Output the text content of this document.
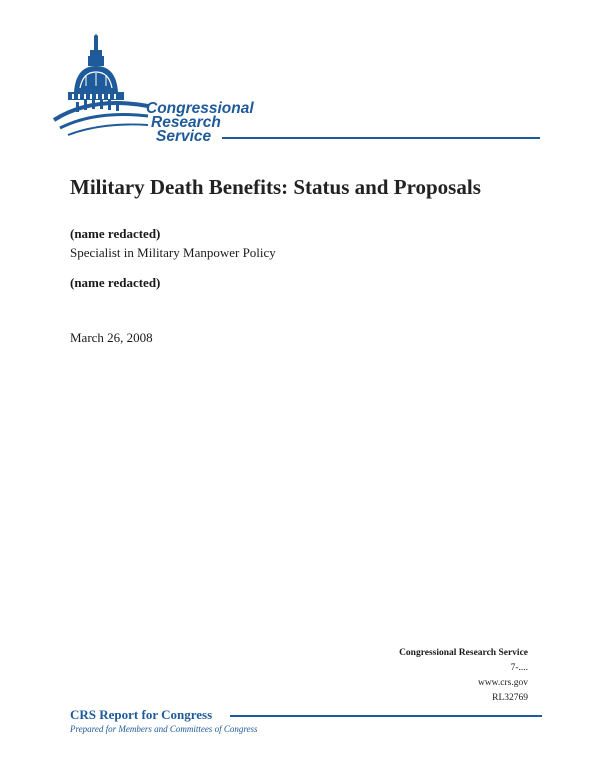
Congressional
Research
Service
Military Death Benefits: Status and Proposals
(name redacted)
Specialist in Military Manpower Policy
(name redacted)
March 26, 2008
Congressional Research Service
7-....
www.crs.gov
RL32769
CRS Report for Congress
Prepared for Members and Committees of Congress
